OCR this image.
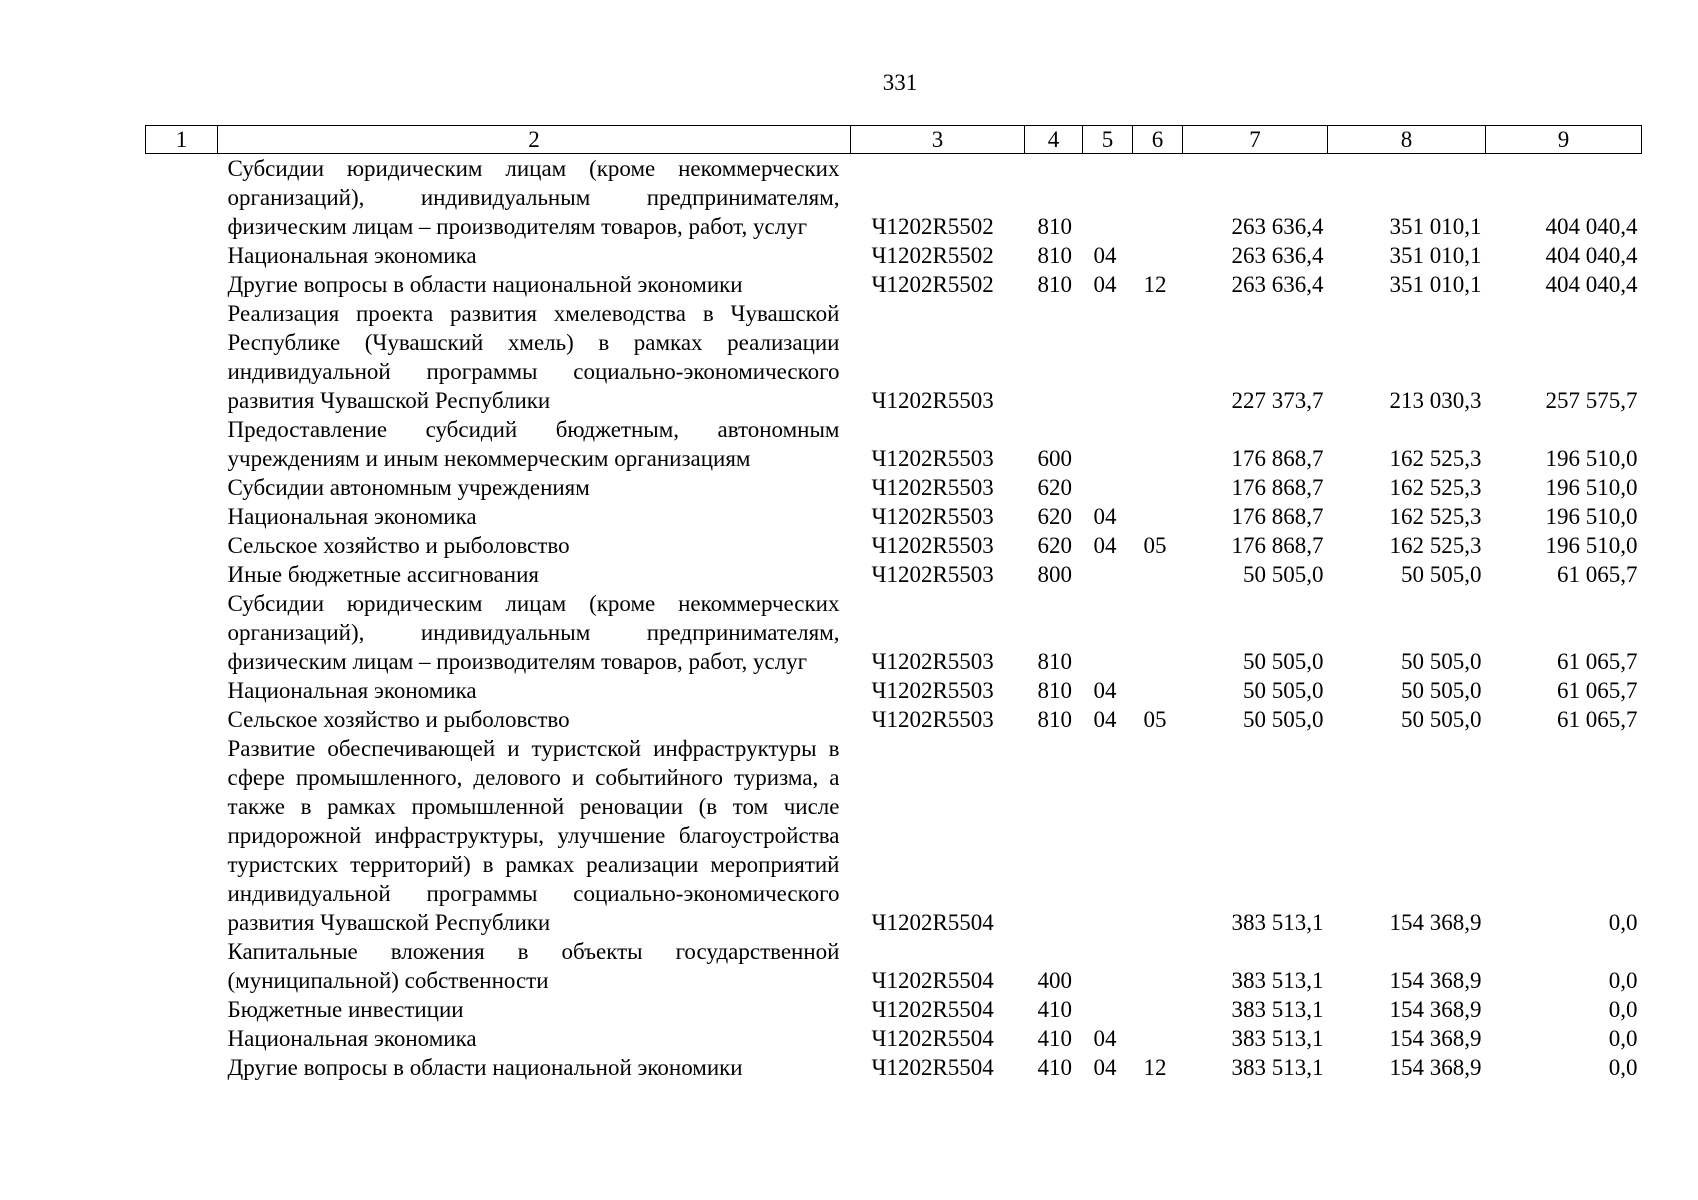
331
1	2	3	4	5	6	7	8	9
	Субсидии юридическим лицам (кроме некоммерческих организаций), индивидуальным предпринимателям, физическим лицам – производителям товаров, работ, услуг	Ч1202R5502	810			263 636,4	351 010,1	404 040,4
	Национальная экономика	Ч1202R5502	810	04		263 636,4	351 010,1	404 040,4
	Другие вопросы в области национальной экономики	Ч1202R5502	810	04	12	263 636,4	351 010,1	404 040,4
	Реализация проекта развития хмелеводства в Чувашской Республике (Чувашский хмель) в рамках реализации индивидуальной программы социально-экономического развития Чувашской Республики	Ч1202R5503				227 373,7	213 030,3	257 575,7
	Предоставление субсидий бюджетным, автономным учреждениям и иным некоммерческим организациям	Ч1202R5503	600			176 868,7	162 525,3	196 510,0
	Субсидии автономным учреждениям	Ч1202R5503	620			176 868,7	162 525,3	196 510,0
	Национальная экономика	Ч1202R5503	620	04		176 868,7	162 525,3	196 510,0
	Сельское хозяйство и рыболовство	Ч1202R5503	620	04	05	176 868,7	162 525,3	196 510,0
	Иные бюджетные ассигнования	Ч1202R5503	800			50 505,0	50 505,0	61 065,7
	Субсидии юридическим лицам (кроме некоммерческих организаций), индивидуальным предпринимателям, физическим лицам – производителям товаров, работ, услуг	Ч1202R5503	810			50 505,0	50 505,0	61 065,7
	Национальная экономика	Ч1202R5503	810	04		50 505,0	50 505,0	61 065,7
	Сельское хозяйство и рыболовство	Ч1202R5503	810	04	05	50 505,0	50 505,0	61 065,7
	Развитие обеспечивающей и туристской инфраструктуры в сфере промышленного, делового и событийного туризма, а также в рамках промышленной реновации (в том числе придорожной инфраструктуры, улучшение благоустройства туристских территорий) в рамках реализации мероприятий индивидуальной программы социально-экономического развития Чувашской Республики	Ч1202R5504				383 513,1	154 368,9	0,0
	Капитальные вложения в объекты государственной (муниципальной) собственности	Ч1202R5504	400			383 513,1	154 368,9	0,0
	Бюджетные инвестиции	Ч1202R5504	410			383 513,1	154 368,9	0,0
	Национальная экономика	Ч1202R5504	410	04		383 513,1	154 368,9	0,0
	Другие вопросы в области национальной экономики	Ч1202R5504	410	04	12	383 513,1	154 368,9	0,0
